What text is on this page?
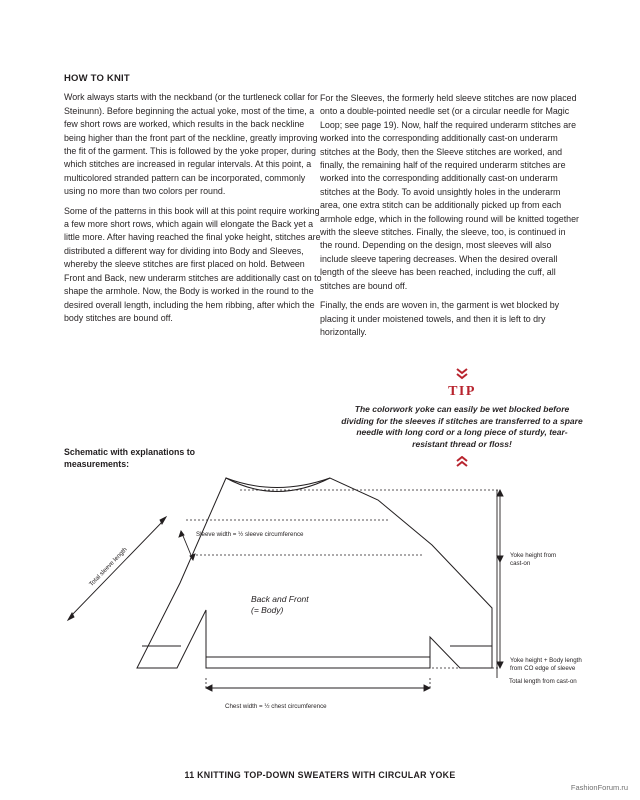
HOW TO KNIT

Work always starts with the neckband (or the turtleneck collar for Steinunn). Before beginning the actual yoke, most of the time, a few short rows are worked, which results in the back neckline being higher than the front part of the neckline, greatly improving the fit of the garment. This is followed by the yoke proper, during which stitches are increased in regular intervals. At this point, a multicolored stranded pattern can be incorporated, commonly using no more than two colors per round.

Some of the patterns in this book will at this point require working a few more short rows, which again will elongate the Back yet a little more. After having reached the final yoke height, stitches are distributed a different way for dividing into Body and Sleeves, whereby the sleeve stitches are first placed on hold. Between Front and Back, new underarm stitches are additionally cast on to shape the armhole. Now, the Body is worked in the round to the desired overall length, including the hem ribbing, after which the body stitches are bound off.

For the Sleeves, the formerly held sleeve stitches are now placed onto a double-pointed needle set (or a circular needle for Magic Loop; see page 19). Now, half the required underarm stitches are worked into the corresponding additionally cast-on underarm stitches at the Body, then the Sleeve stitches are worked, and finally, the remaining half of the required underarm stitches are worked into the corresponding additionally cast-on underarm stitches at the Body. To avoid unsightly holes in the underarm area, one extra stitch can be additionally picked up from each armhole edge, which in the following round will be knitted together with the sleeve stitches. Finally, the sleeve, too, is continued in the round. Depending on the design, most sleeves will also include sleeve tapering decreases. When the desired overall length of the sleeve has been reached, including the cuff, all stitches are bound off.

Finally, the ends are woven in, the garment is wet blocked by placing it under moistened towels, and then it is left to dry horizontally.

TIP
The colorwork yoke can easily be wet blocked before dividing for the sleeves if stitches are transferred to a spare needle with long cord or a long piece of sturdy, tear-resistant thread or floss!
Schematic with explanations to measurements:
Sleeve width = ½ sleeve circumference
Total sleeve length
Back and Front
(= Body)
Yoke height from
cast-on
Yoke height + Body length
from CO edge of sleeve
Total length from cast-on
Chest width = ½ chest circumference
11 KNITTING TOP-DOWN SWEATERS WITH CIRCULAR YOKE
FashionForum.ru
